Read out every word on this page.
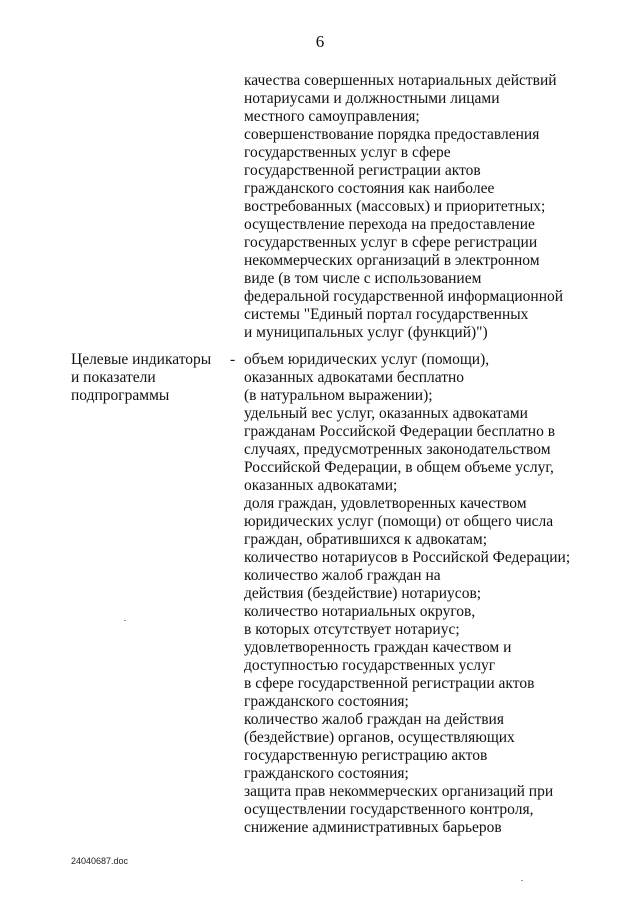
6
качества совершенных нотариальных действий
нотариусами и должностными лицами
местного самоуправления;
совершенствование порядка предоставления
государственных услуг в сфере
государственной регистрации актов
гражданского состояния как наиболее
востребованных (массовых) и приоритетных;
осуществление перехода на предоставление
государственных услуг в сфере регистрации
некоммерческих организаций в электронном
виде (в том числе с использованием
федеральной государственной информационной
системы "Единый портал государственных
и муниципальных услуг (функций)")
Целевые индикаторы
и показатели
подпрограммы
- объем юридических услуг (помощи),
оказанных адвокатами бесплатно
(в натуральном выражении);
удельный вес услуг, оказанных адвокатами
гражданам Российской Федерации бесплатно в
случаях, предусмотренных законодательством
Российской Федерации, в общем объеме услуг,
оказанных адвокатами;
доля граждан, удовлетворенных качеством
юридических услуг (помощи) от общего числа
граждан, обратившихся к адвокатам;
количество нотариусов в Российской Федерации;
количество жалоб граждан на
действия (бездействие) нотариусов;
количество нотариальных округов,
в которых отсутствует нотариус;
удовлетворенность граждан качеством и
доступностью государственных услуг
в сфере государственной регистрации актов
гражданского состояния;
количество жалоб граждан на действия
(бездействие) органов, осуществляющих
государственную регистрацию актов
гражданского состояния;
защита прав некоммерческих организаций при
осуществлении государственного контроля,
снижение административных барьеров
24040687.doc
